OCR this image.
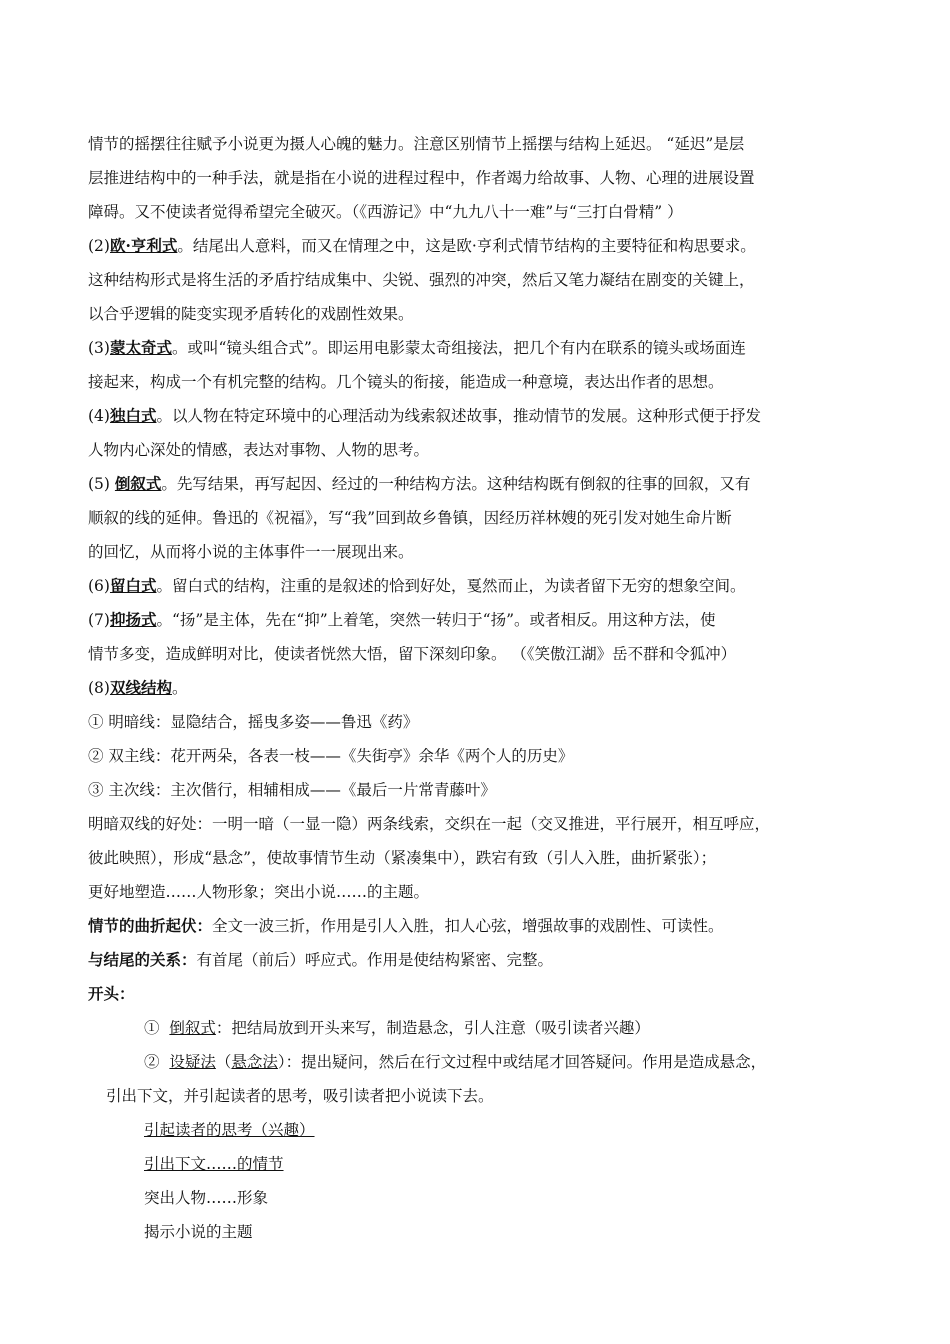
情节的摇摆往往赋予小说更为摄人心魄的魅力。注意区别情节上摇摆与结构上延迟。 “延迟”是层
层推进结构中的一种手法，就是指在小说的进程过程中，作者竭力给故事、人物、心理的进展设置
障碍。又不使读者觉得希望完全破灭。（《西游记》中“九九八十一难”与“三打白骨精” ）
(2)欧·亨利式。结尾出人意料，而又在情理之中，这是欧·亨利式情节结构的主要特征和构思要求。
这种结构形式是将生活的矛盾拧结成集中、尖锐、强烈的冲突，然后又笔力凝结在剧变的关键上，
以合乎逻辑的陡变实现矛盾转化的戏剧性效果。
(3)蒙太奇式。或叫“镜头组合式”。即运用电影蒙太奇组接法，把几个有内在联系的镜头或场面连
接起来，构成一个有机完整的结构。几个镜头的衔接，能造成一种意境，表达出作者的思想。
(4)独白式。以人物在特定环境中的心理活动为线索叙述故事，推动情节的发展。这种形式便于抒发
人物内心深处的情感，表达对事物、人物的思考。
(5) 倒叙式。先写结果，再写起因、经过的一种结构方法。这种结构既有倒叙的往事的回叙，又有
顺叙的线的延伸。鲁迅的《祝福》，写“我”回到故乡鲁镇，因经历祥林嫂的死引发对她生命片断
的回忆，从而将小说的主体事件一一展现出来。
(6)留白式。留白式的结构，注重的是叙述的恰到好处，戛然而止，为读者留下无穷的想象空间。
(7)抑扬式。“扬”是主体，先在“抑”上着笔，突然一转归于“扬”。或者相反。用这种方法，使
情节多变，造成鲜明对比，使读者恍然大悟，留下深刻印象。 （《笑傲江湖》岳不群和令狐冲）
(8)双线结构。
① 明暗线：显隐结合，摇曳多姿——鲁迅《药》
② 双主线：花开两朵，各表一枝——《失街亭》余华《两个人的历史》
③ 主次线：主次偕行，相辅相成——《最后一片常青藤叶》
明暗双线的好处：一明一暗（一显一隐）两条线索，交织在一起（交叉推进，平行展开，相互呼应，
彼此映照），形成“悬念”，使故事情节生动（紧凑集中），跌宕有致（引人入胜，曲折紧张）；
更好地塑造……人物形象；突出小说……的主题。
情节的曲折起伏：全文一波三折，作用是引人入胜，扣人心弦，增强故事的戏剧性、可读性。
与结尾的关系：有首尾（前后）呼应式。作用是使结构紧密、完整。
开头：
① 倒叙式：把结局放到开头来写，制造悬念，引人注意（吸引读者兴趣）
② 设疑法（悬念法）：提出疑问，然后在行文过程中或结尾才回答疑问。作用是造成悬念，
引出下文，并引起读者的思考，吸引读者把小说读下去。
引起读者的思考（兴趣）
引出下文……的情节
突出人物……形象
揭示小说的主题
